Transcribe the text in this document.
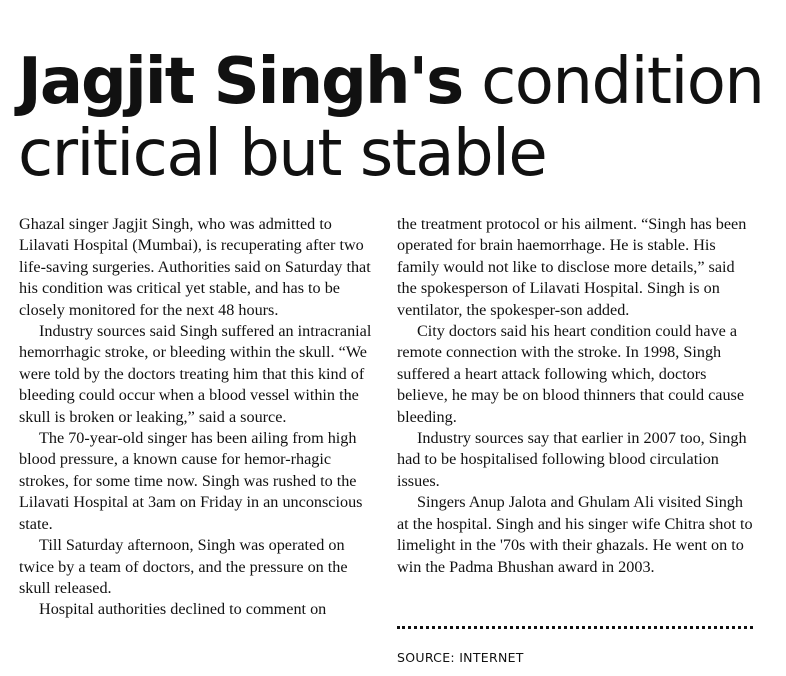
Jagjit Singh's condition
critical but stable

Ghazal singer Jagjit Singh, who was admitted to Lilavati Hospital (Mumbai), is recuperating after two life-saving surgeries. Authorities said on Saturday that his condition was critical yet stable, and has to be closely monitored for the next 48 hours.

Industry sources said Singh suffered an intracranial hemorrhagic stroke, or bleeding within the skull. “We were told by the doctors treating him that this kind of bleeding could occur when a blood vessel within the skull is broken or leaking,” said a source.

The 70-year-old singer has been ailing from high blood pressure, a known cause for hemor-rhagic strokes, for some time now. Singh was rushed to the Lilavati Hospital at 3am on Friday in an unconscious state.

Till Saturday afternoon, Singh was operated on twice by a team of doctors, and the pressure on the skull released.

Hospital authorities declined to comment on

the treatment protocol or his ailment. “Singh has been operated for brain haemorrhage. He is stable. His family would not like to disclose more details,” said the spokesperson of Lilavati Hospital. Singh is on ventilator, the spokesper-son added.

City doctors said his heart condition could have a remote connection with the stroke. In 1998, Singh suffered a heart attack following which, doctors believe, he may be on blood thinners that could cause bleeding.

Industry sources say that earlier in 2007 too, Singh had to be hospitalised following blood circulation issues.

Singers Anup Jalota and Ghulam Ali visited Singh at the hospital. Singh and his singer wife Chitra shot to limelight in the '70s with their ghazals. He went on to win the Padma Bhushan award in 2003.

SOURCE: INTERNET
